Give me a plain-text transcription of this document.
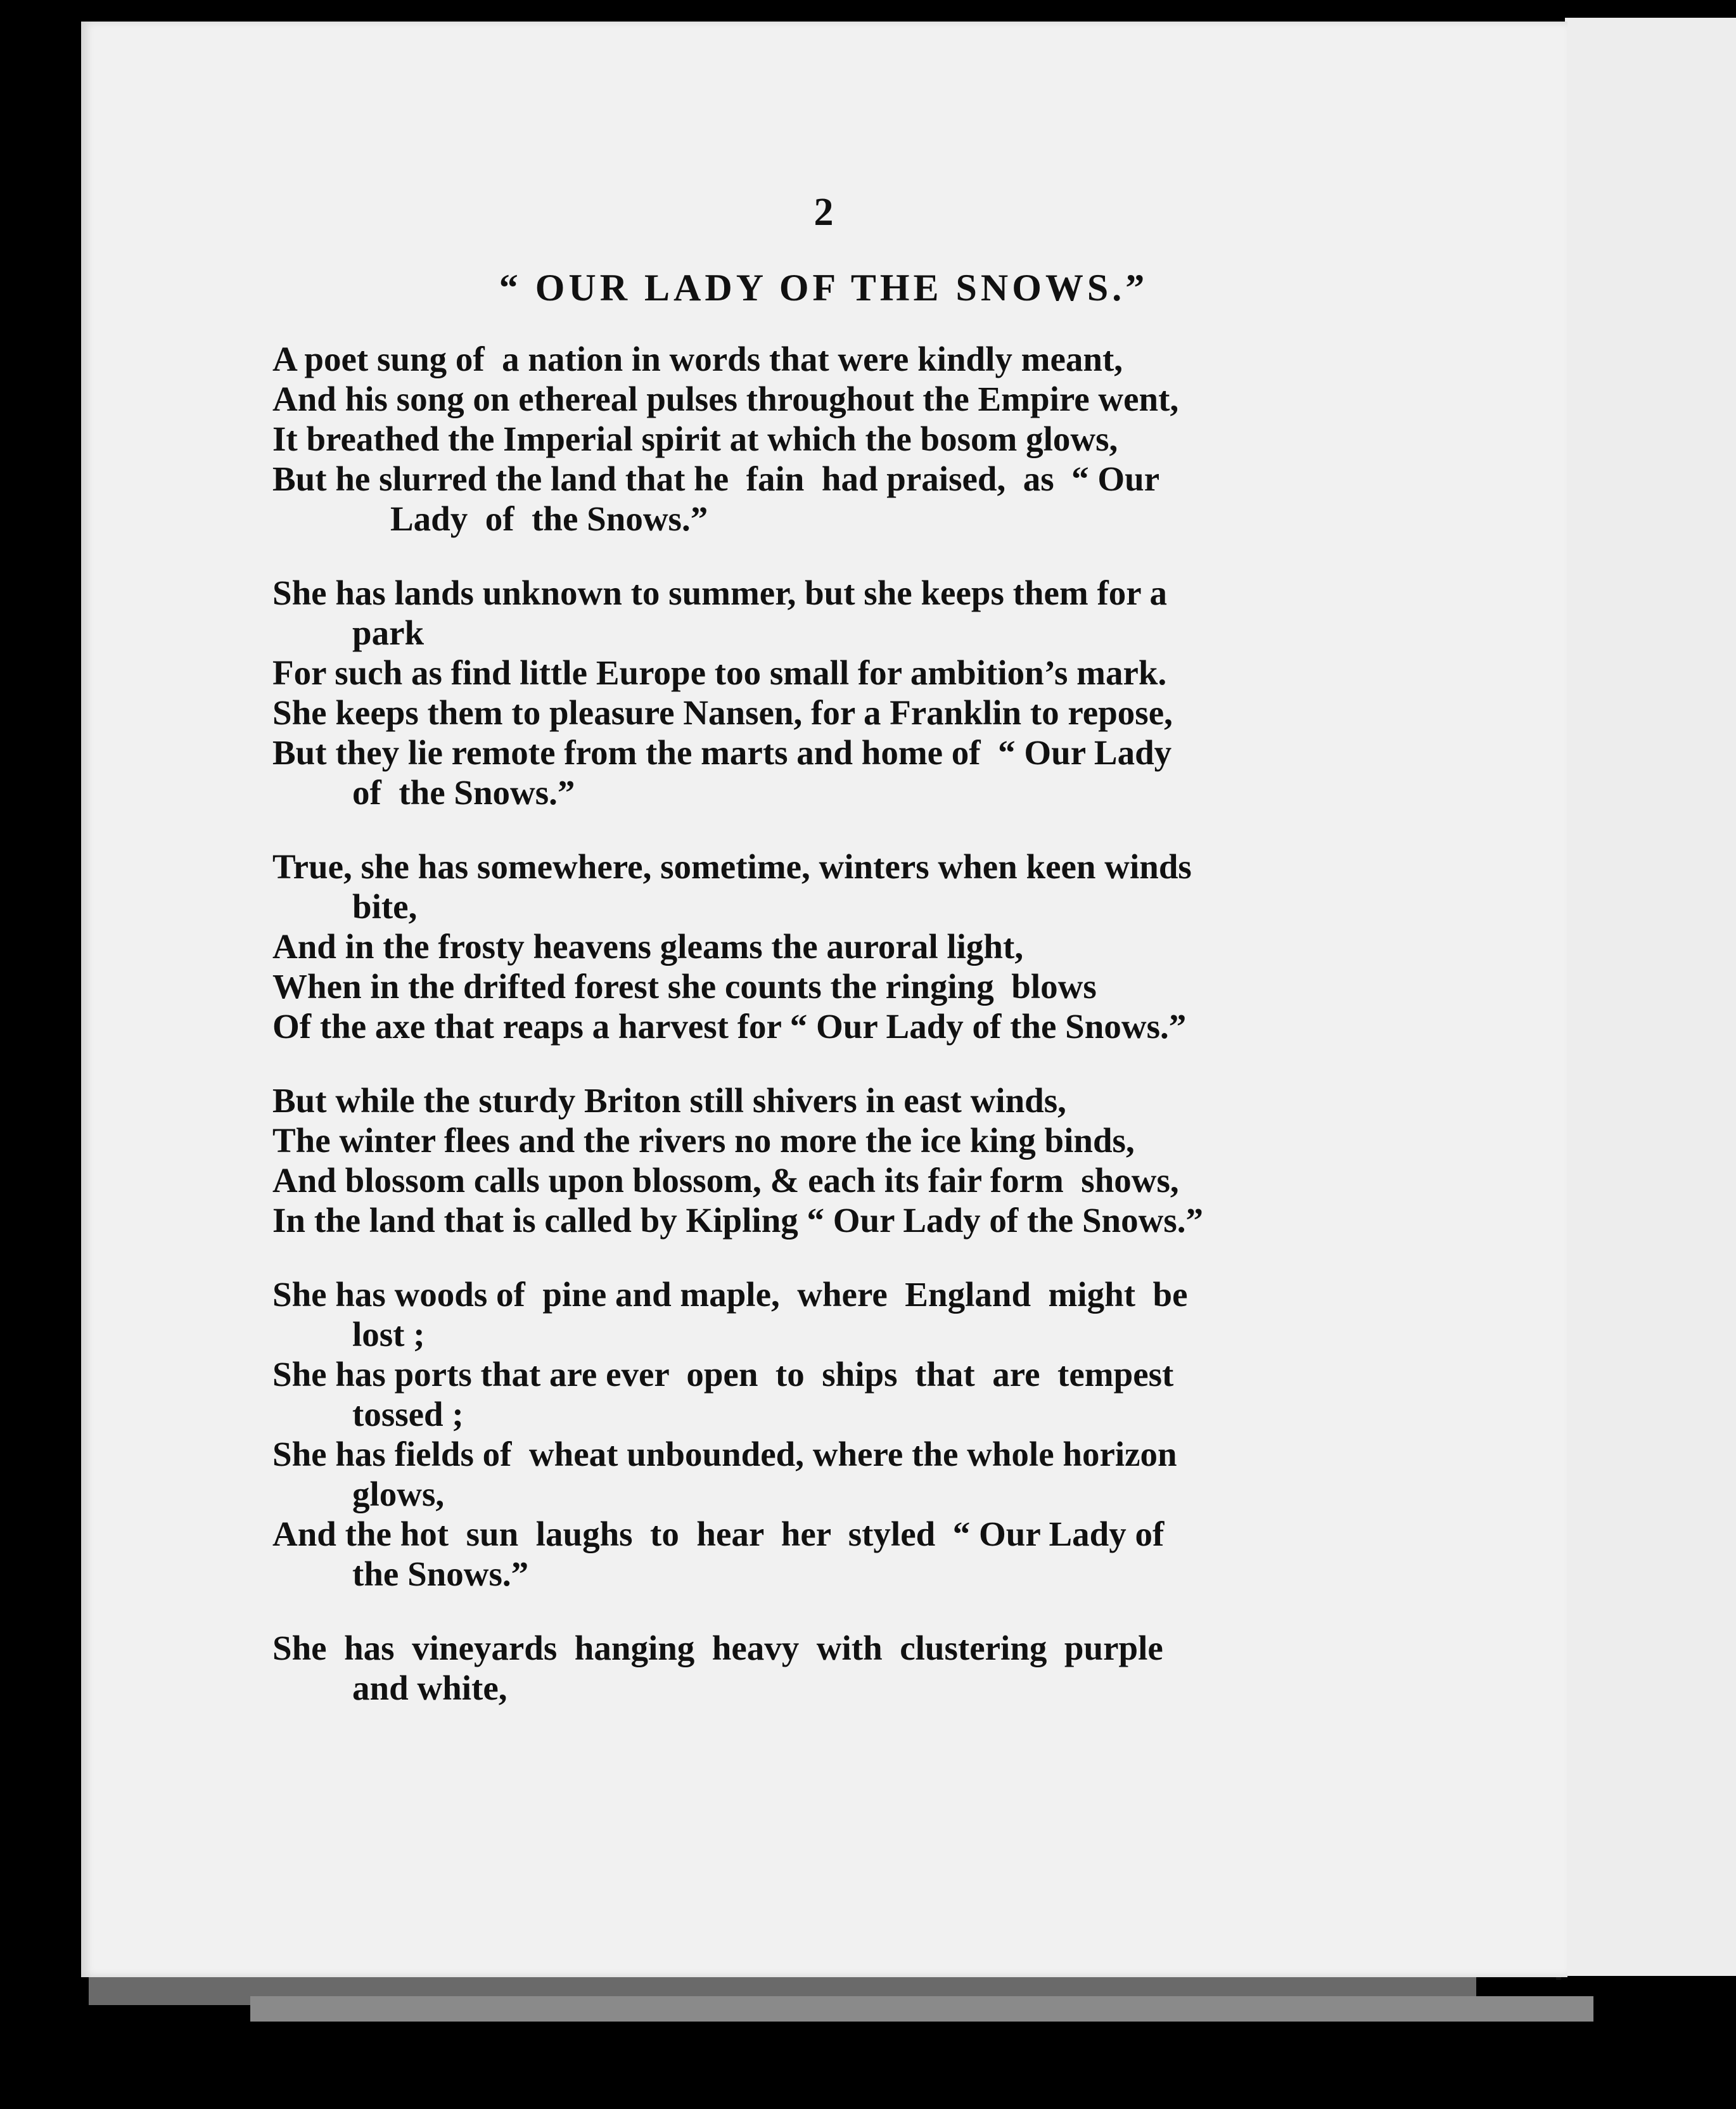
2
“ OUR LADY OF THE SNOWS.”
A poet sung of  a nation in words that were kindly meant,
And his song on ethereal pulses throughout the Empire went,
It breathed the Imperial spirit at which the bosom glows,
But he slurred the land that he  fain  had praised,  as  “ Our
Lady  of  the Snows.”
She has lands unknown to summer, but she keeps them for a
park
For such as find little Europe too small for ambition’s mark.
She keeps them to pleasure Nansen, for a Franklin to repose,
But they lie remote from the marts and home of  “ Our Lady
of  the Snows.”
True, she has somewhere, sometime, winters when keen winds
bite,
And in the frosty heavens gleams the auroral light,
When in the drifted forest she counts the ringing  blows
Of the axe that reaps a harvest for “ Our Lady of the Snows.”
But while the sturdy Briton still shivers in east winds,
The winter flees and the rivers no more the ice king binds,
And blossom calls upon blossom, & each its fair form  shows,
In the land that is called by Kipling “ Our Lady of the Snows.”
She has woods of  pine and maple,  where  England  might  be
lost ;
She has ports that are ever  open  to  ships  that  are  tempest
tossed ;
She has fields of  wheat unbounded, where the whole horizon
glows,
And the hot  sun  laughs  to  hear  her  styled  “ Our Lady of
the Snows.”
She  has  vineyards  hanging  heavy  with  clustering  purple
and white,
